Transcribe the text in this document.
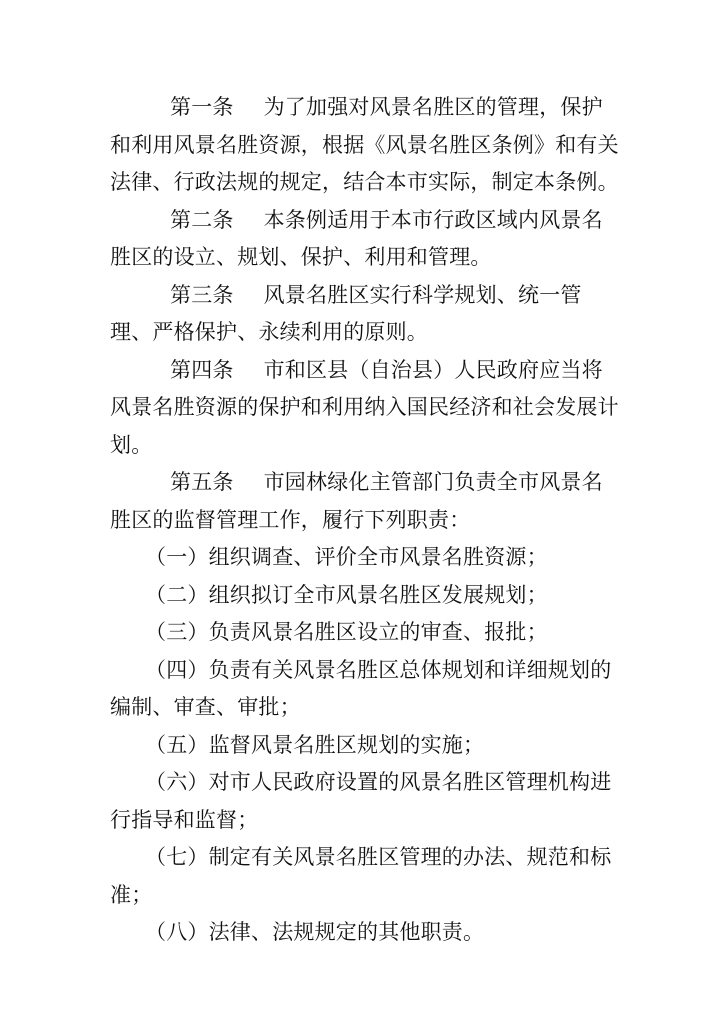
第一条 为了加强对风景名胜区的管理，保护和利用风景名胜资源，根据《风景名胜区条例》和有关法律、行政法规的规定，结合本市实际，制定本条例。

第二条 本条例适用于本市行政区域内风景名胜区的设立、规划、保护、利用和管理。

第三条 风景名胜区实行科学规划、统一管理、严格保护、永续利用的原则。

第四条 市和区县（自治县）人民政府应当将风景名胜资源的保护和利用纳入国民经济和社会发展计划。

第五条 市园林绿化主管部门负责全市风景名胜区的监督管理工作，履行下列职责：

（一）组织调查、评价全市风景名胜资源；

（二）组织拟订全市风景名胜区发展规划；

（三）负责风景名胜区设立的审查、报批；

（四）负责有关风景名胜区总体规划和详细规划的编制、审查、审批；

（五）监督风景名胜区规划的实施；

（六）对市人民政府设置的风景名胜区管理机构进行指导和监督；

（七）制定有关风景名胜区管理的办法、规范和标准；

（八）法律、法规规定的其他职责。
